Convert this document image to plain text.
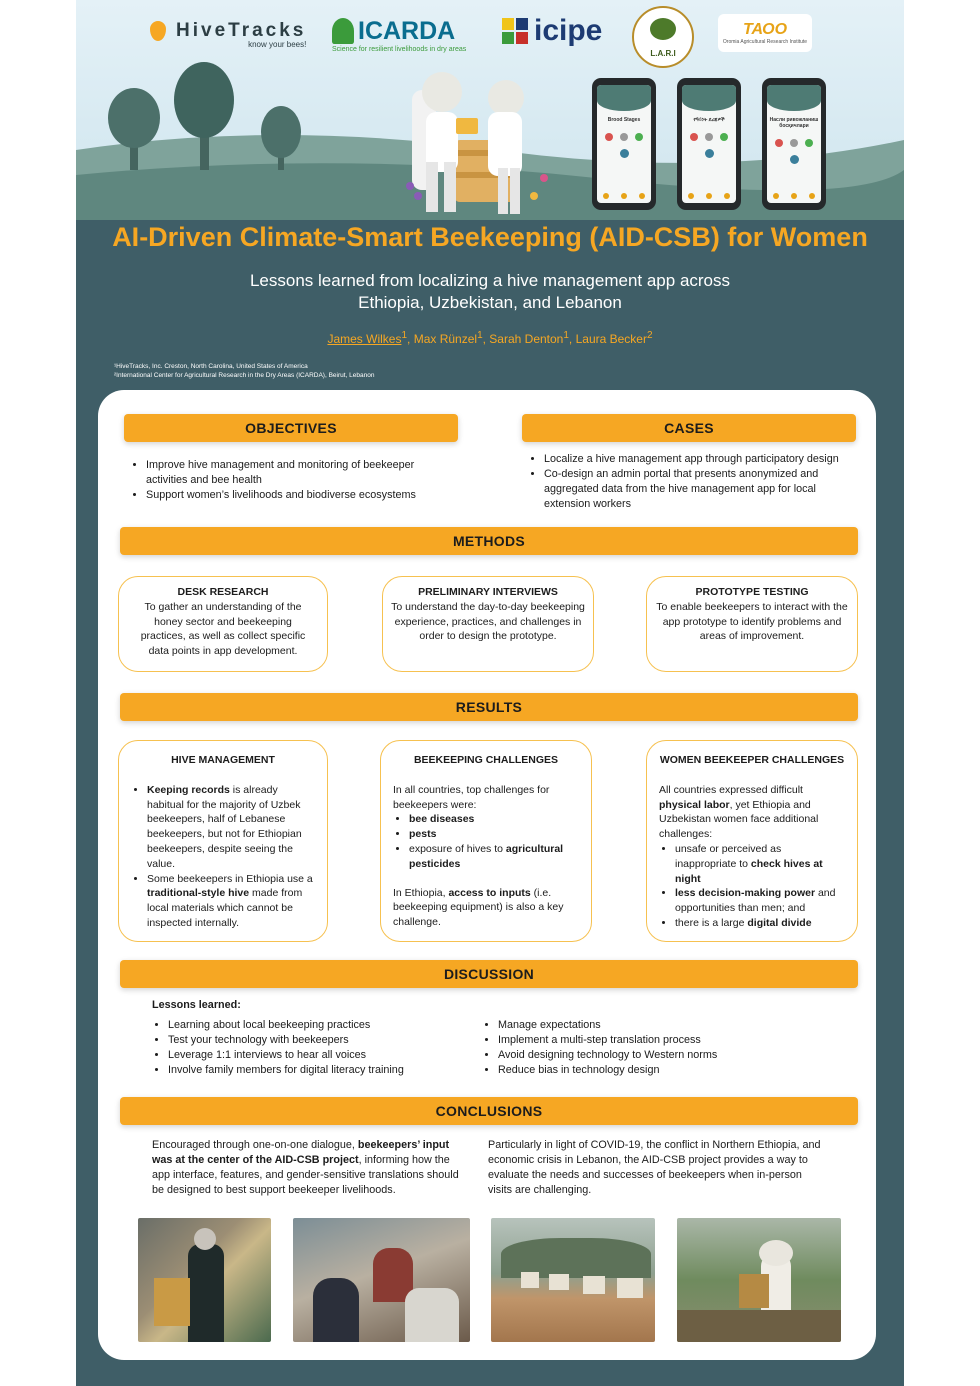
HiveTracks
know your bees! ICARDA
Science for resilient livelihoods in dry areas
icipe
L.A.R.I
ΤΑΟΟ
Oromia Agricultural Research Institute
Brood Stages	የዓይነት ደረጃዎች	Насли ривожланиш босқичлари
AI-Driven Climate-Smart Beekeeping (AID-CSB) for Women
Lessons learned from localizing a hive management app across
Ethiopia, Uzbekistan, and Lebanon
James Wilkes$^1$, Max Rünzel$^1$, Sarah Denton$^1$, Laura Becker$^2$
¹HiveTracks, Inc. Creston, North Carolina, United States of America
²International Center for Agricultural Research in the Dry Areas (ICARDA), Beirut, Lebanon
OBJECTIVES
• Improve hive management and monitoring of beekeeper activities and bee health
• Support women’s livelihoods and biodiverse ecosystems
CASES
• Localize a hive management app through participatory design
• Co-design an admin portal that presents anonymized and aggregated data from the hive management app for local extension workers
METHODS
DESK RESEARCH
To gather an understanding of the honey sector and beekeeping practices, as well as collect specific data points in app development.
PRELIMINARY INTERVIEWS
To understand the day-to-day beekeeping experience, practices, and challenges in order to design the prototype.
PROTOTYPE TESTING
To enable beekeepers to interact with the app prototype to identify problems and areas of improvement.
RESULTS
HIVE MANAGEMENT
• Keeping records is already habitual for the majority of Uzbek beekeepers, half of Lebanese beekeepers, but not for Ethiopian beekeepers, despite seeing the value.
• Some beekeepers in Ethiopia use a traditional-style hive made from local materials which cannot be inspected internally.
BEEKEEPING CHALLENGES
In all countries, top challenges for beekeepers were:
• bee diseases
• pests
• exposure of hives to agricultural pesticides
In Ethiopia, access to inputs (i.e. beekeeping equipment) is also a key challenge.
WOMEN BEEKEEPER CHALLENGES
All countries expressed difficult physical labor, yet Ethiopia and Uzbekistan women face additional challenges:
• unsafe or perceived as inappropriate to check hives at night
• less decision-making power and opportunities than men; and
• there is a large digital divide
DISCUSSION
Lessons learned:
• Learning about local beekeeping practices
• Test your technology with beekeepers
• Leverage 1:1 interviews to hear all voices
• Involve family members for digital literacy training
• Manage expectations
• Implement a multi-step translation process
• Avoid designing technology to Western norms
• Reduce bias in technology design
CONCLUSIONS
Encouraged through one-on-one dialogue, beekeepers’ input was at the center of the AID-CSB project, informing how the app interface, features, and gender-sensitive translations should be designed to best support beekeeper livelihoods.
Particularly in light of COVID-19, the conflict in Northern Ethiopia, and economic crisis in Lebanon, the AID-CSB project provides a way to evaluate the needs and successes of beekeepers when in-person visits are challenging.
